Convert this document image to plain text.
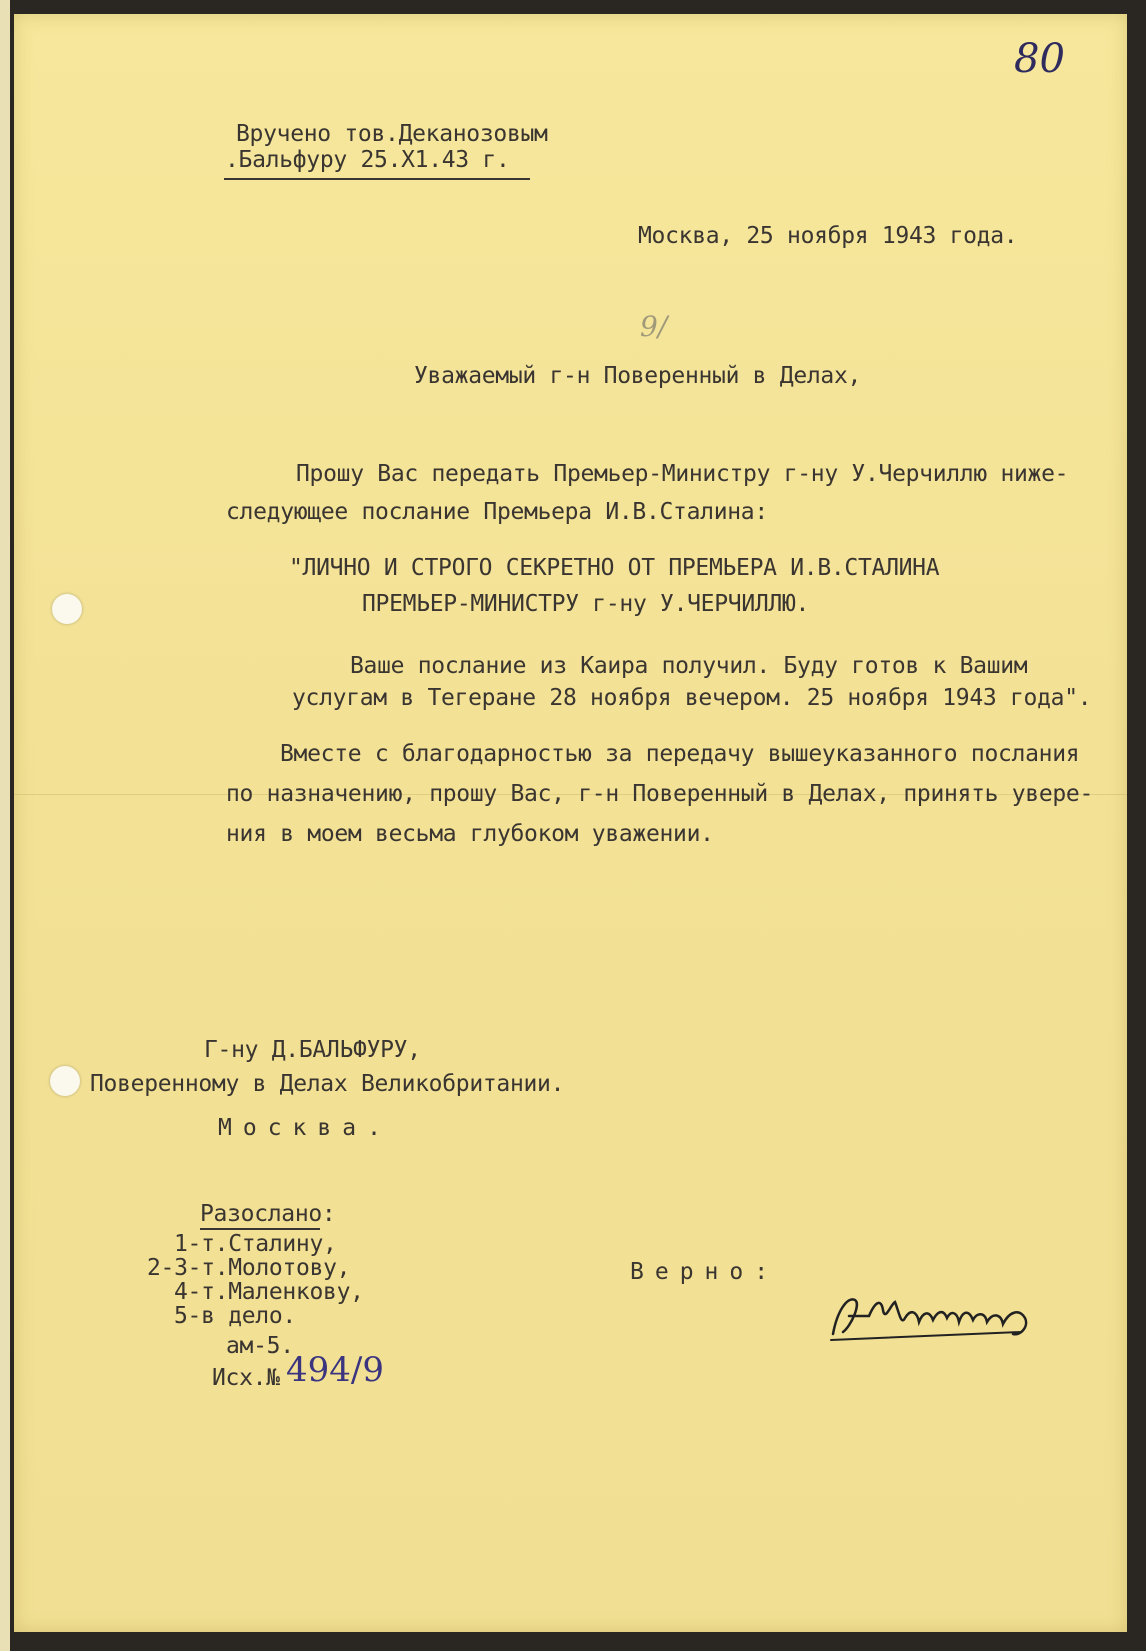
80
Вручено тов.Деканозовым
.Бальфуру 25.Х1.43 г.
Москва, 25 ноября 1943 года.
9/
Уважаемый г-н Поверенный в Делах,
Прошу Вас передать Премьер-Министру г-ну У.Черчиллю ниже-
следующее послание Премьера И.В.Сталина:
"ЛИЧНО И СТРОГО СЕКРЕТНО ОТ ПРЕМЬЕРА И.В.СТАЛИНА
ПРЕМЬЕР-МИНИСТРУ г-ну У.ЧЕРЧИЛЛЮ.
Ваше послание из Каира получил. Буду готов к Вашим
услугам в Тегеране 28 ноября вечером. 25 ноября 1943 года".
Вместе с благодарностью за передачу вышеуказанного послания
по назначению, прошу Вас, г-н Поверенный в Делах, принять увере-
ния в моем весьма глубоком уважении.
Г-ну Д.БАЛЬФУРУ,
Поверенному в Делах Великобритании.
Москва.
Разослано:
1-т.Сталину,
2-3-т.Молотову,
4-т.Маленкову,
5-в дело.
ам-5.
Исх.№ 494/9
Верно:
